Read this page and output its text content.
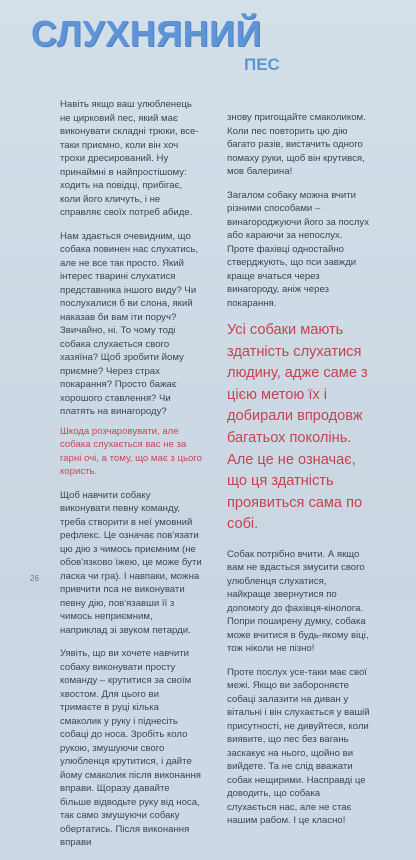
СЛУХНЯНИЙ
ПЕС

Навіть якщо ваш улюбленець не цирковий пес, який має виконувати складні трюки, все-таки приємно, коли він хоч трохи дресирований. Ну принаймні в найпростішому: ходить на повідці, прибігає, коли його кличуть, і не справляє своїх потреб абиде.

Нам здається очевидним, що собака повинен нас слухатись, але не все так просто. Який інтерес тварині слухатися представника іншого виду? Чи послухалися б ви слона, який наказав би вам іти поруч? Звичайно, ні. То чому тоді собака слухається свого хазяїна? Щоб зробити йому приємне? Через страх покарання? Просто бажає хорошого ставлення? Чи платять на винагороду?

Шкода розчаровувати, але собака слухається вас не за гарні очі, а тому, що має з цього користь.

Щоб навчити собаку виконувати певну команду, треба створити в неї умовний рефлекс. Це означає пов'язати цю дію з чимось приємним (не обов'язково їжею, це може бути ласка чи гра). І навпаки, можна привчити пса не виконувати певну дію, пов'язавши її з чимось неприємним, наприклад зі звуком петарди.

Уявіть, що ви хочете навчити собаку виконувати просту команду – крутитися за своїм хвостом. Для цього ви тримаєте в руці кілька смаколик у руку і піднесіть собаці до носа. Зробіть коло рукою, змушуючи свого улюбленця крутитися, і дайте йому смаколик після виконання вправи. Щоразу давайте більше відводьте руку від носа, так само змушуючи собаку обертатись. Після виконання вправи

знову пригощайте смаколиком. Коли пес повторить цю дію багато разів, вистачить одного помаху руки, щоб він крутився, мов балерина!

Загалом собаку можна вчити різними способами – винагороджуючи його за послух або караючи за непослух. Проте фахівці одностайно стверджують, що пси завжди краще вчаться через винагороду, аніж через покарання.

Усі собаки мають здатність слухатися людину, адже саме з цією метою їх і добирали впродовж багатьох поколінь. Але це не означає, що ця здатність проявиться сама по собі.

Собак потрібно вчити. А якщо вам не вдасться змусити свого улюбленця слухатися, найкраще звернутися по допомогу до фахівця-кінолога. Попри поширену думку, собака може вчитися в будь-якому віці, тож ніколи не пізно!

Проте послух усе-таки має свої межі. Якщо ви забороняєте собаці залазити на диван у вітальні і він слухається у вашій присутності, не дивуйтеся, коли виявите, що пес без вагань заскакує на нього, щойно ви вийдете. Та не слід вважати собак нещирими. Насправді це доводить, що собака слухається нас, але не стає нашим рабом. І це класно!

26
